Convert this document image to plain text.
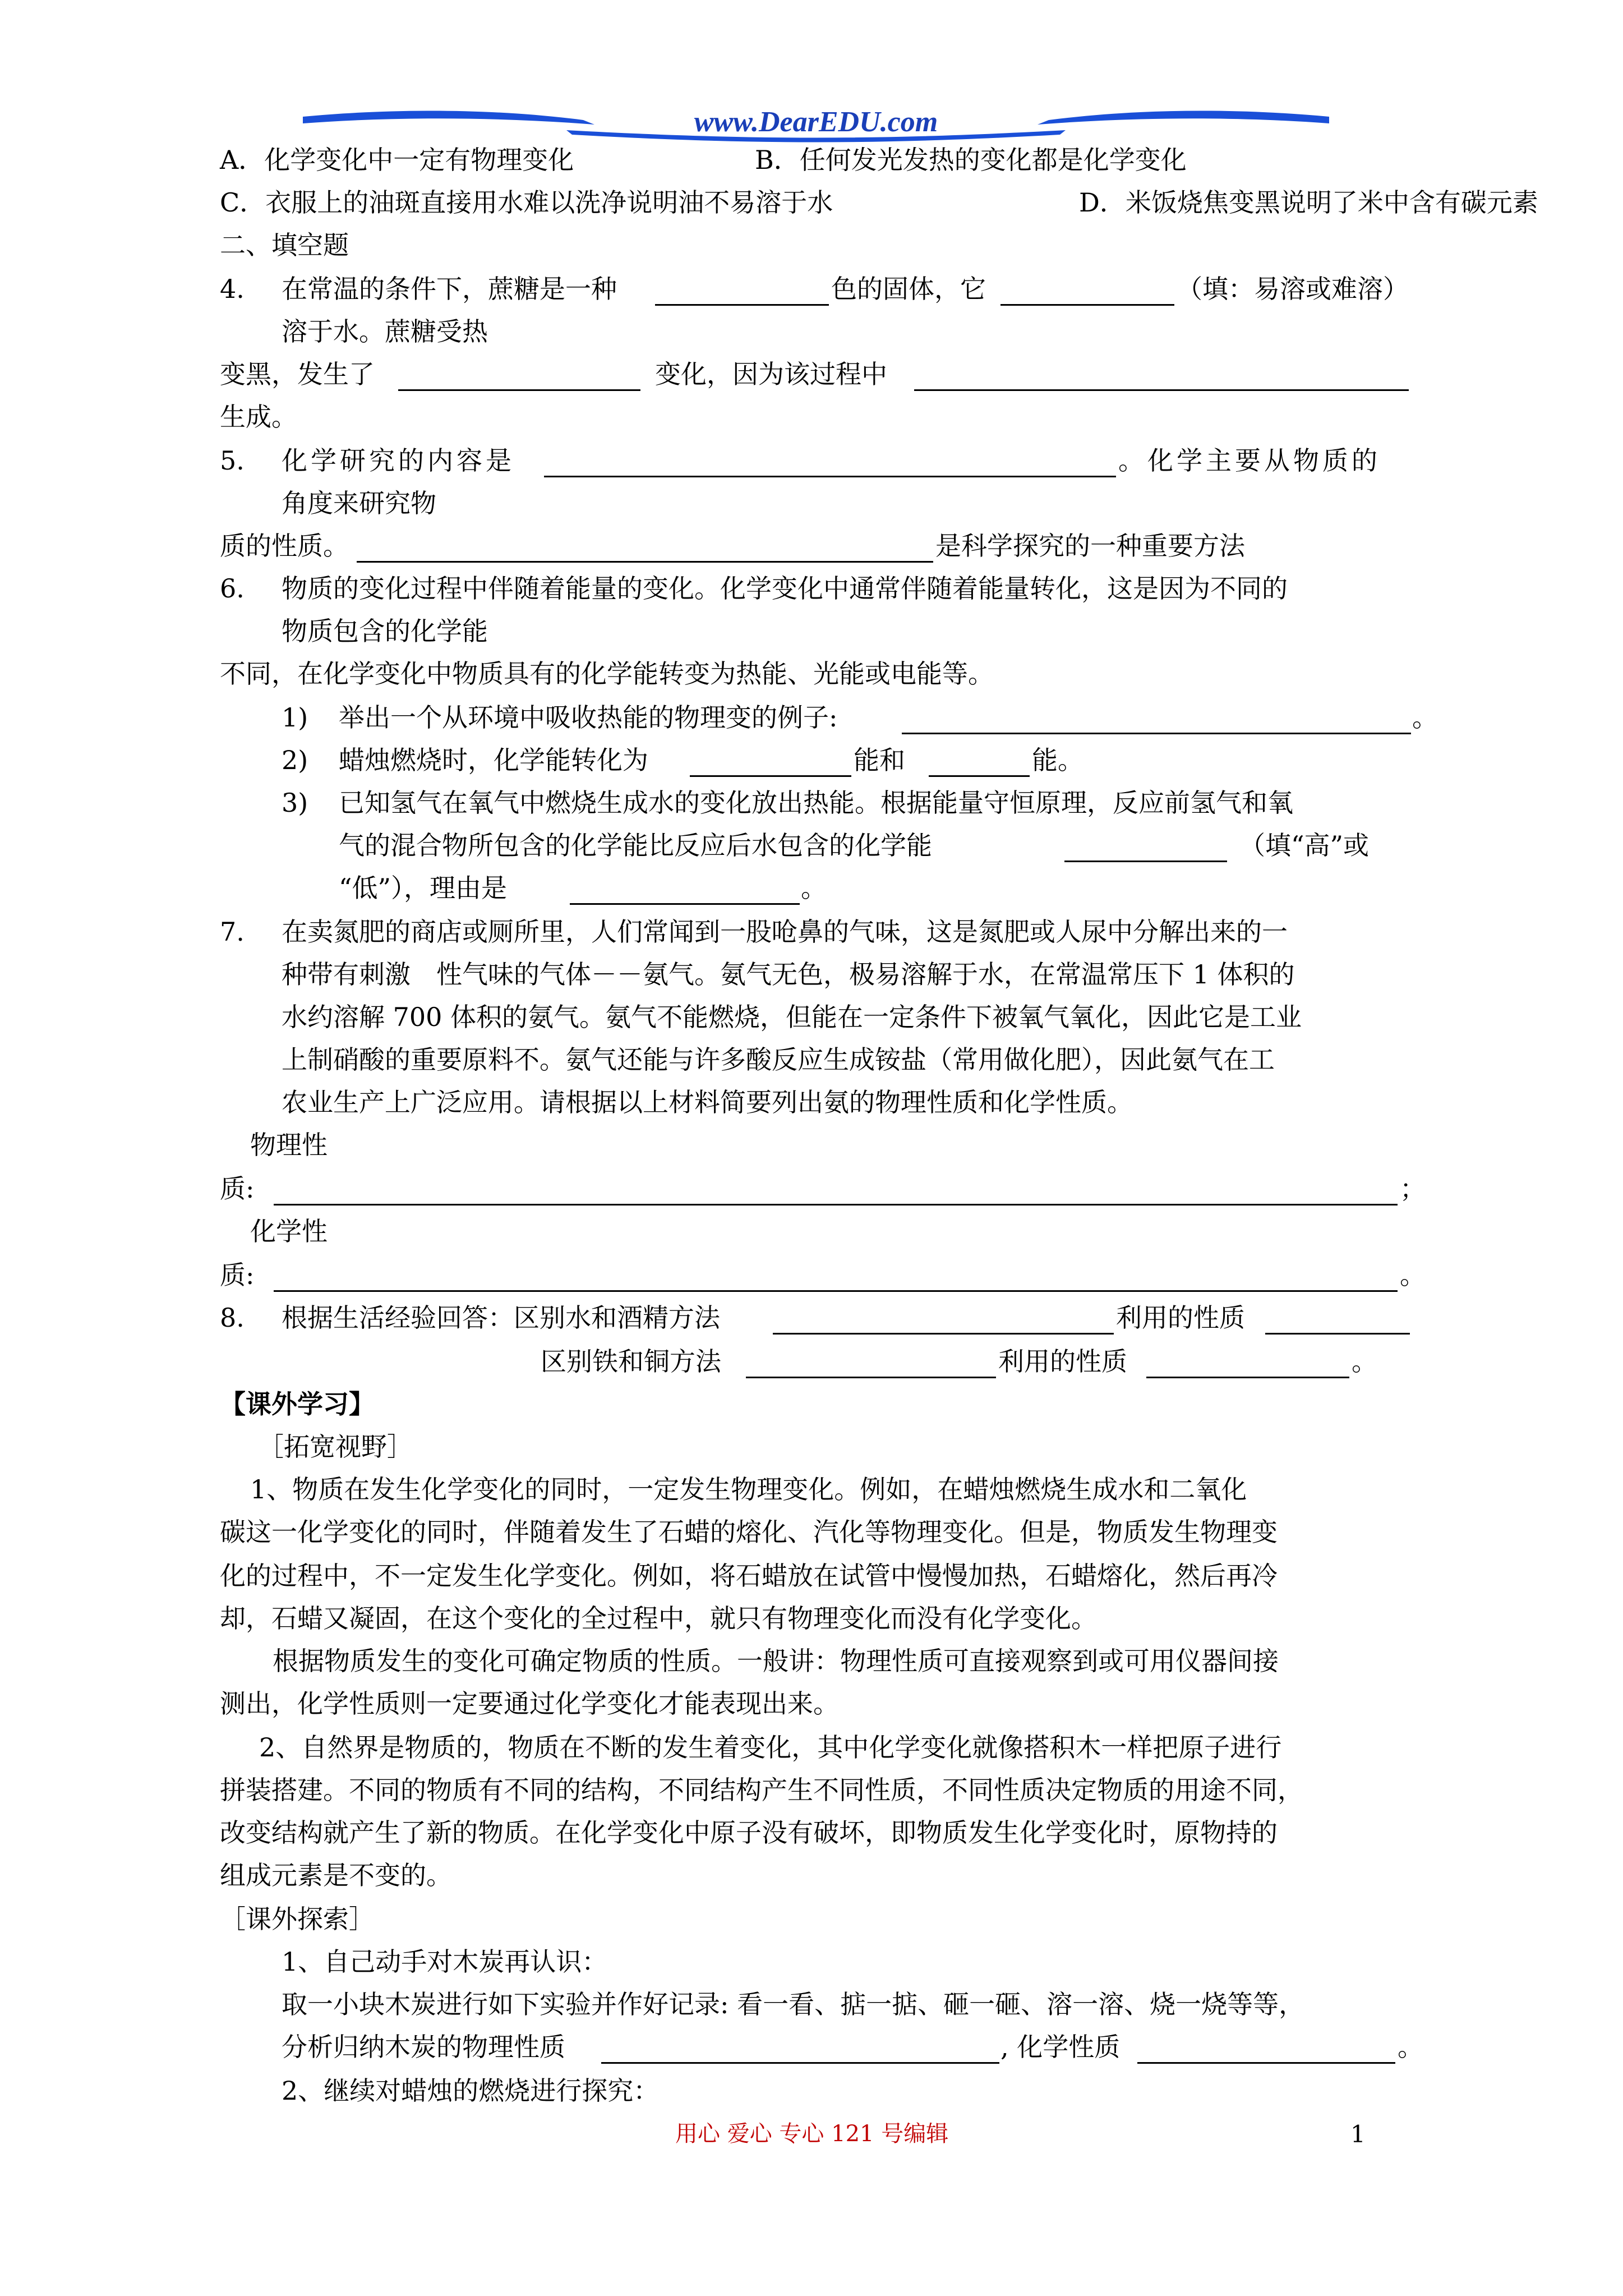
www.DearEDU.com
A．化学变化中一定有物理变化	B．任何发光发热的变化都是化学变化
C．衣服上的油斑直接用水难以洗净说明油不易溶于水	D．米饭烧焦变黑说明了米中含有碳元素
二、填空题
4. 在常温的条件下，蔗糖是一种	色的固体，它	（填：易溶或难溶）
溶于水。蔗糖受热
变黑，发生了	变化，因为该过程中
生成。
5. 化学研究的内容是	。化学主要从物质的
角度来研究物
质的性质。	是科学探究的一种重要方法
6. 物质的变化过程中伴随着能量的变化。化学变化中通常伴随着能量转化，这是因为不同的
物质包含的化学能
不同，在化学变化中物质具有的化学能转变为热能、光能或电能等。
1) 举出一个从环境中吸收热能的物理变的例子:	。
2) 蜡烛燃烧时，化学能转化为	能和	能。
3) 已知氢气在氧气中燃烧生成水的变化放出热能。根据能量守恒原理，反应前氢气和氧
气的混合物所包含的化学能比反应后水包含的化学能	（填“高”或
“低”），理由是	。
7. 在卖氮肥的商店或厕所里，人们常闻到一股呛鼻的气味，这是氮肥或人尿中分解出来的一
种带有刺激　性气味的气体－－氨气。氨气无色，极易溶解于水，在常温常压下 1 体积的
水约溶解 700 体积的氨气。氨气不能燃烧，但能在一定条件下被氧气氧化，因此它是工业
上制硝酸的重要原料不。氨气还能与许多酸反应生成铵盐（常用做化肥），因此氨气在工
农业生产上广泛应用。请根据以上材料简要列出氨的物理性质和化学性质。
物理性
质:	；
化学性
质:	。
8. 根据生活经验回答：区别水和酒精方法	利用的性质
区别铁和铜方法	利用的性质	。
【课外学习】
［拓宽视野］
1、物质在发生化学变化的同时，一定发生物理变化。例如，在蜡烛燃烧生成水和二氧化
碳这一化学变化的同时，伴随着发生了石蜡的熔化、汽化等物理变化。但是，物质发生物理变
化的过程中，不一定发生化学变化。例如，将石蜡放在试管中慢慢加热，石蜡熔化，然后再冷
却，石蜡又凝固，在这个变化的全过程中，就只有物理变化而没有化学变化。
根据物质发生的变化可确定物质的性质。一般讲：物理性质可直接观察到或可用仪器间接
测出，化学性质则一定要通过化学变化才能表现出来。
2、自然界是物质的，物质在不断的发生着变化，其中化学变化就像搭积木一样把原子进行
拼装搭建。不同的物质有不同的结构，不同结构产生不同性质，不同性质决定物质的用途不同，
改变结构就产生了新的物质。在化学变化中原子没有破坏，即物质发生化学变化时，原物持的
组成元素是不变的。
［课外探索］
1、自己动手对木炭再认识：
取一小块木炭进行如下实验并作好记录: 看一看、掂一掂、砸一砸、溶一溶、烧一烧等等，
分析归纳木炭的物理性质	, 化学性质	。
2、继续对蜡烛的燃烧进行探究：
用心 爱心 专心 121 号编辑	1
